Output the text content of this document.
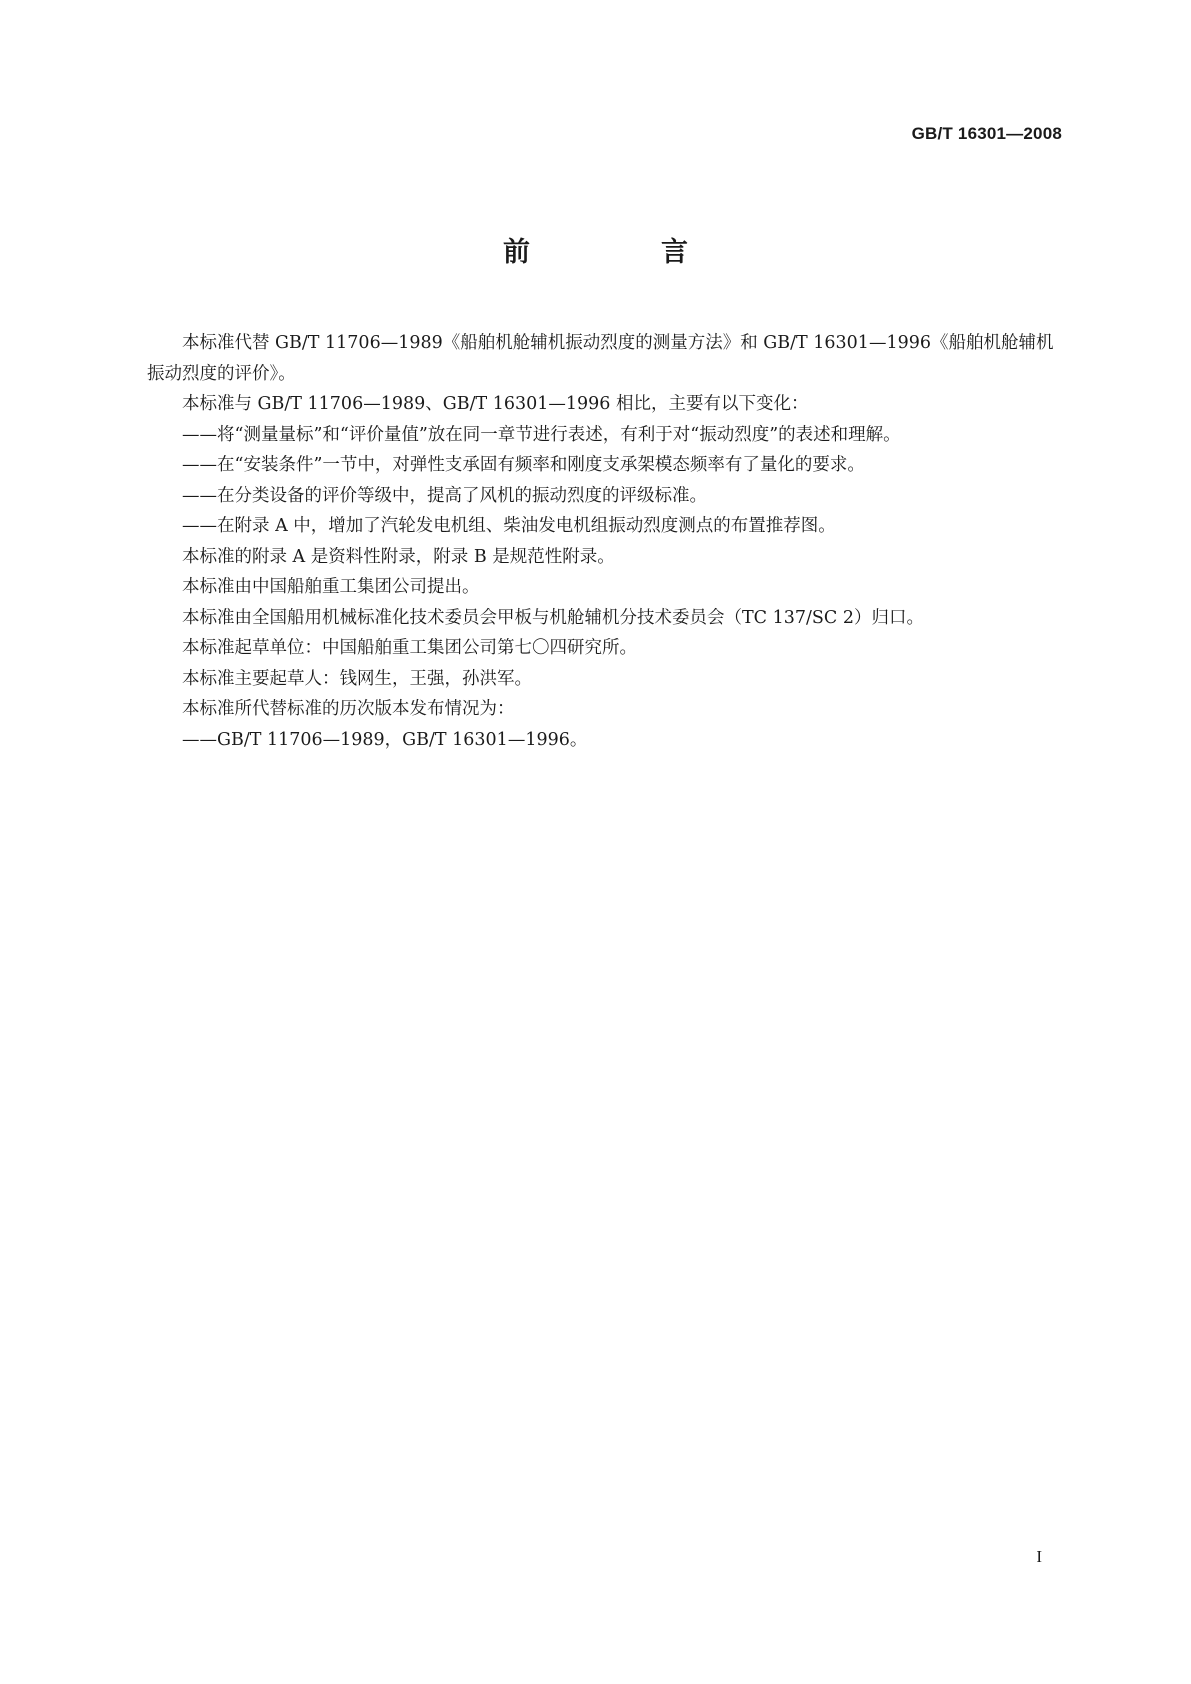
GB/T 16301—2008
前　言

本标准代替 GB/T 11706—1989《船舶机舱辅机振动烈度的测量方法》和 GB/T 16301—1996《船舶机舱辅机振动烈度的评价》。

本标准与 GB/T 11706—1989、GB/T 16301—1996 相比，主要有以下变化：

——将“测量量标”和“评价量值”放在同一章节进行表述，有利于对“振动烈度”的表述和理解。

——在“安装条件”一节中，对弹性支承固有频率和刚度支承架模态频率有了量化的要求。

——在分类设备的评价等级中，提高了风机的振动烈度的评级标准。

——在附录 A 中，增加了汽轮发电机组、柴油发电机组振动烈度测点的布置推荐图。

本标准的附录 A 是资料性附录，附录 B 是规范性附录。

本标准由中国船舶重工集团公司提出。

本标准由全国船用机械标准化技术委员会甲板与机舱辅机分技术委员会（TC 137/SC 2）归口。

本标准起草单位：中国船舶重工集团公司第七〇四研究所。

本标准主要起草人：钱网生，王强，孙洪军。

本标准所代替标准的历次版本发布情况为：

——GB/T 11706—1989，GB/T 16301—1996。

I
